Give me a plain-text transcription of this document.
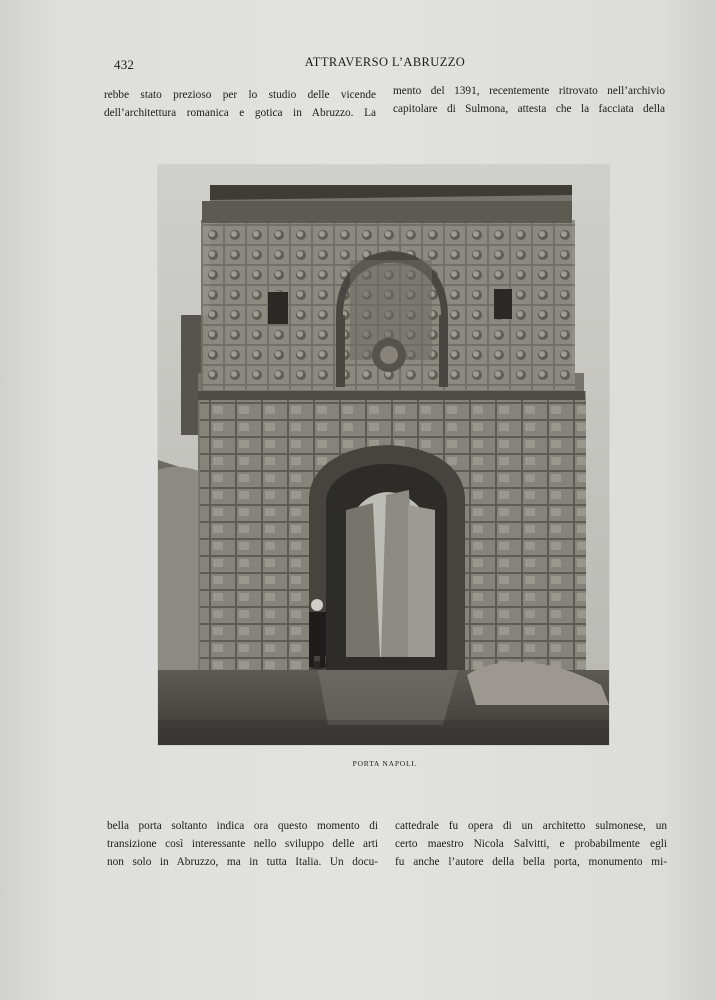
432	ATTRAVERSO L’ABRUZZO
rebbe stato prezioso per lo studio delle vicende
dell’architettura romanica e gotica in Abruzzo. La
mento del 1391, recentemente ritrovato nell’archivio
capitolare di Sulmona, attesta che la facciata della
PORTA NAPOLI.
bella porta soltanto indica ora questo momento di
transizione così interessante nello sviluppo delle arti
non solo in Abruzzo, ma in tutta Italia. Un docu-
cattedrale fu opera di un architetto sulmonese, un
certo maestro Nicola Salvitti, e probabilmente egli
fu anche l’autore della bella porta, monumento mi-
